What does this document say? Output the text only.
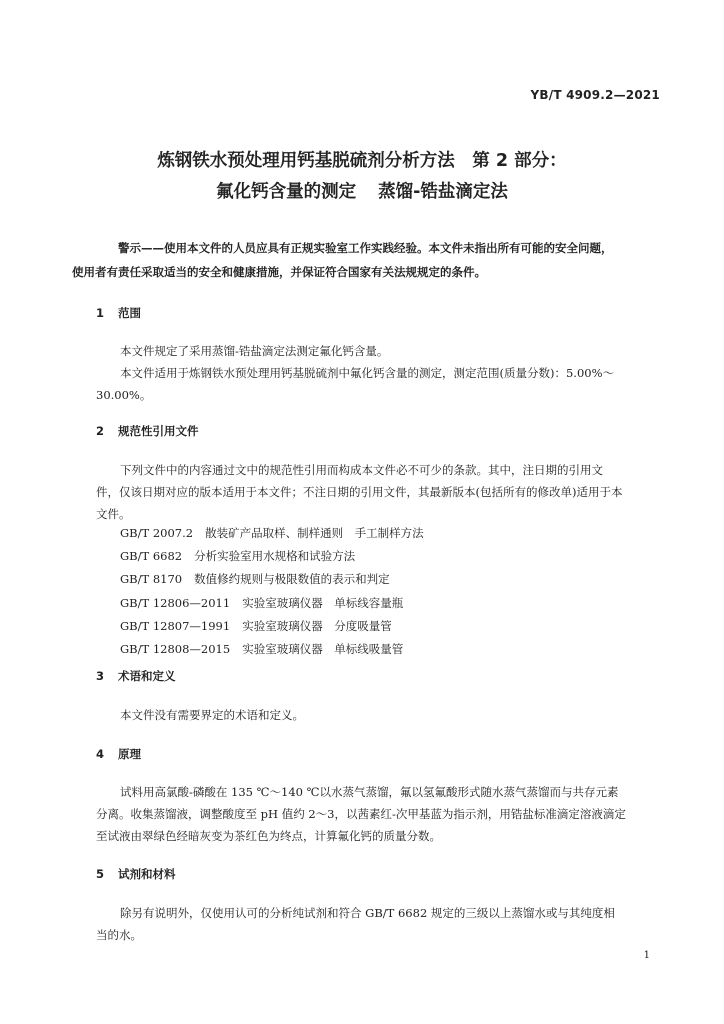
YB/T 4909.2—2021
炼钢铁水预处理用钙基脱硫剂分析方法　第 2 部分：
氟化钙含量的测定 蒸馏-锆盐滴定法
警示——使用本文件的人员应具有正规实验室工作实践经验。本文件未指出所有可能的安全问题，
使用者有责任采取适当的安全和健康措施，并保证符合国家有关法规规定的条件。
1 范围
本文件规定了采用蒸馏-锆盐滴定法测定氟化钙含量。
本文件适用于炼钢铁水预处理用钙基脱硫剂中氟化钙含量的测定，测定范围(质量分数)：5.00%～
30.00%。
2 规范性引用文件
下列文件中的内容通过文中的规范性引用而构成本文件必不可少的条款。其中，注日期的引用文
件，仅该日期对应的版本适用于本文件；不注日期的引用文件，其最新版本(包括所有的修改单)适用于本
文件。
GB/T 2007.2 散装矿产品取样、制样通则　手工制样方法
GB/T 6682 分析实验室用水规格和试验方法
GB/T 8170 数值修约规则与极限数值的表示和判定
GB/T 12806—2011 实验室玻璃仪器　单标线容量瓶
GB/T 12807—1991 实验室玻璃仪器　分度吸量管
GB/T 12808—2015 实验室玻璃仪器　单标线吸量管
3 术语和定义
本文件没有需要界定的术语和定义。
4 原理
试料用高氯酸-磷酸在 135 ℃～140 ℃以水蒸气蒸馏，氟以氢氟酸形式随水蒸气蒸馏而与共存元素
分离。收集蒸馏液，调整酸度至 pH 值约 2～3，以茜素红-次甲基蓝为指示剂，用锆盐标准滴定溶液滴定
至试液由翠绿色经暗灰变为茶红色为终点，计算氟化钙的质量分数。
5 试剂和材料
除另有说明外，仅使用认可的分析纯试剂和符合 GB/T 6682 规定的三级以上蒸馏水或与其纯度相
当的水。
1
